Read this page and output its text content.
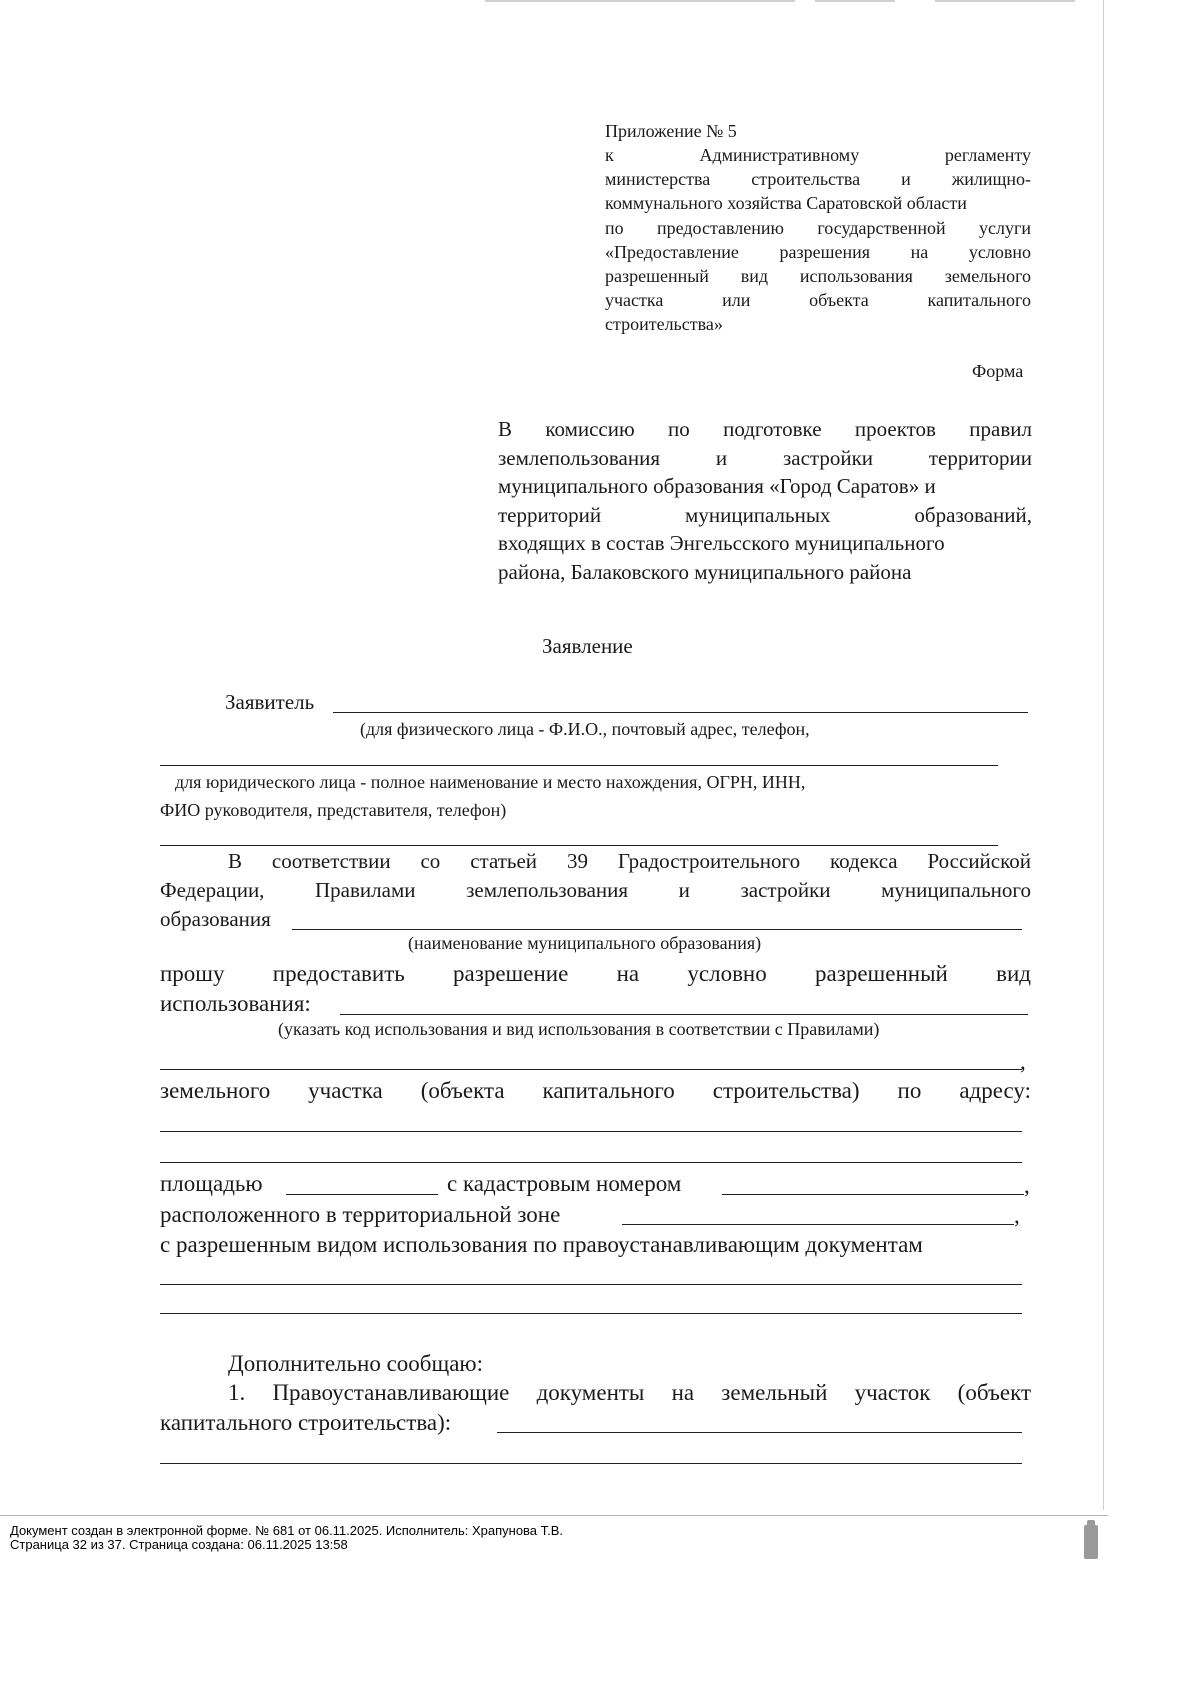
Приложение № 5
к Административному регламенту
министерства строительства и жилищно-
коммунального хозяйства Саратовской области
по предоставлению государственной услуги
«Предоставление разрешения на условно
разрешенный вид использования земельного
участка или объекта капитального
строительства»
Форма
В комиссию по подготовке проектов правил
землепользования и застройки территории
муниципального образования «Город Саратов» и
территорий муниципальных образований,
входящих в состав Энгельсского муниципального
района, Балаковского муниципального района
Заявление
Заявитель
(для физического лица - Ф.И.О., почтовый адрес, телефон,
для юридического лица - полное наименование и место нахождения, ОГРН, ИНН,
ФИО руководителя, представителя, телефон)
В соответствии со статьей 39 Градостроительного кодекса Российской
Федерации, Правилами землепользования и застройки муниципального
образования
(наименование муниципального образования)
прошу предоставить разрешение на условно разрешенный вид
использования:
(указать код использования и вид использования в соответствии с Правилами)
,
земельного участка (объекта капитального строительства) по адресу:
площадью	с кадастровым номером	,
расположенного в территориальной зоне	,
с разрешенным видом использования по правоустанавливающим документам
Дополнительно сообщаю:
1. Правоустанавливающие документы на земельный участок (объект
капитального строительства):
Документ создан в электронной форме. № 681 от 06.11.2025. Исполнитель: Храпунова Т.В.
Страница 32 из 37. Страница создана: 06.11.2025 13:58
